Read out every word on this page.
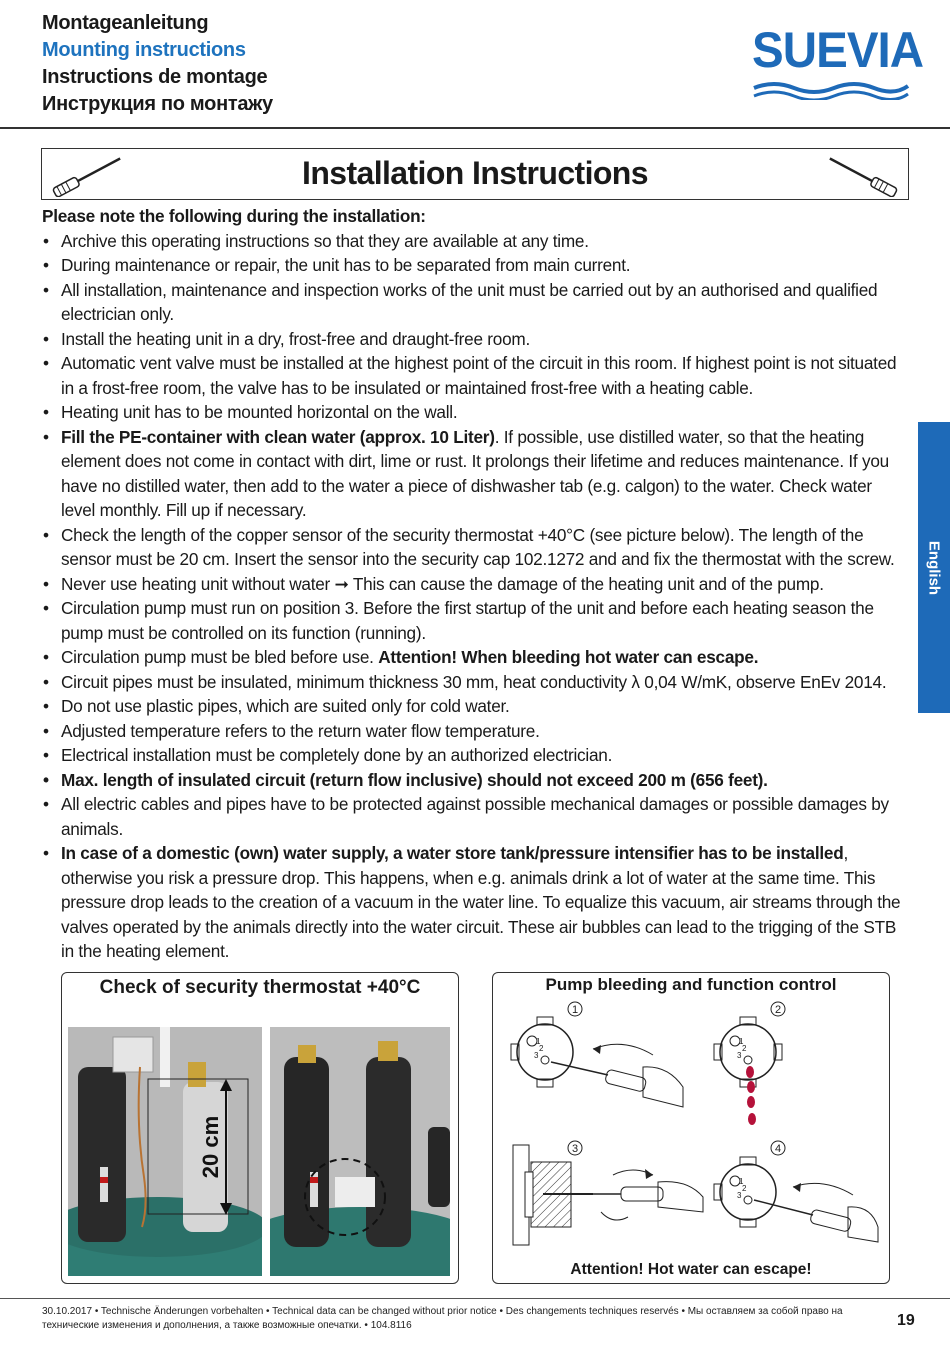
Montageanleitung
Mounting instructions
Instructions de montage
Инструкция по монтажу
SUEVIA
Installation Instructions
Please note the following during the installation:
• Archive this operating instructions so that they are available at any time.
• During maintenance or repair, the unit has to be separated from main current.
• All installation, maintenance and inspection works of the unit must be carried out by an authorised and qualified electrician only.
• Install the heating unit in a dry, frost-free and draught-free room.
• Automatic vent valve must be installed at the highest point of the circuit in this room. If highest point is not situated in a frost-free room, the valve has to be insulated or maintained frost-free with a heating cable.
• Heating unit has to be mounted horizontal on the wall.
• Fill the PE-container with clean water (approx. 10 Liter). If possible, use distilled water, so that the heating element does not come in contact with dirt, lime or rust. It prolongs their lifetime and reduces maintenance. If you have no distilled water, then add to the water a piece of dishwasher tab (e.g. calgon) to the water. Check water level monthly. Fill up if necessary.
• Check the length of the copper sensor of the security thermostat +40°C (see picture below). The length of the sensor must be 20 cm. Insert the sensor into the security cap 102.1272 and and fix the thermostat with the screw.
• Never use heating unit without water ➞ This can cause the damage of the heating unit and of the pump.
• Circulation pump must run on position 3. Before the first startup of the unit and before each heating season the pump must be controlled on its function (running).
• Circulation pump must be bled before use. Attention! When bleeding hot water can escape.
• Circuit pipes must be insulated, minimum thickness 30 mm, heat conductivity λ 0,04 W/mK, observe EnEv 2014.
• Do not use plastic pipes, which are suited only for cold water.
• Adjusted temperature refers to the return water flow temperature.
• Electrical installation must be completely done by an authorized electrician.
• Max. length of insulated circuit (return flow inclusive) should not exceed 200 m (656 feet).
• All electric cables and pipes have to be protected against possible mechanical damages or possible damages by animals.
• In case of a domestic (own) water supply, a water store tank/pressure intensifier has to be installed, otherwise you risk a pressure drop. This happens, when e.g. animals drink a lot of water at the same time. This pressure drop leads to the creation of a vacuum in the water line. To equalize this vacuum, air streams through the valves operated by the animals directly into the water circuit. These air bubbles can lead to the trigging of the STB in the heating element.
English
Check of security thermostat +40°C
20 cm
Pump bleeding and function control
1
1
2
3
2
1
2
3
3	4
1
2
3
Attention! Hot water can escape!
30.10.2017 • Technische Änderungen vorbehalten • Technical data can be changed without prior notice • Des changements techniques reservés • Мы оставляем за собой право на технические изменения и дополнения, а также возможные опечатки. • 104.8116	19
